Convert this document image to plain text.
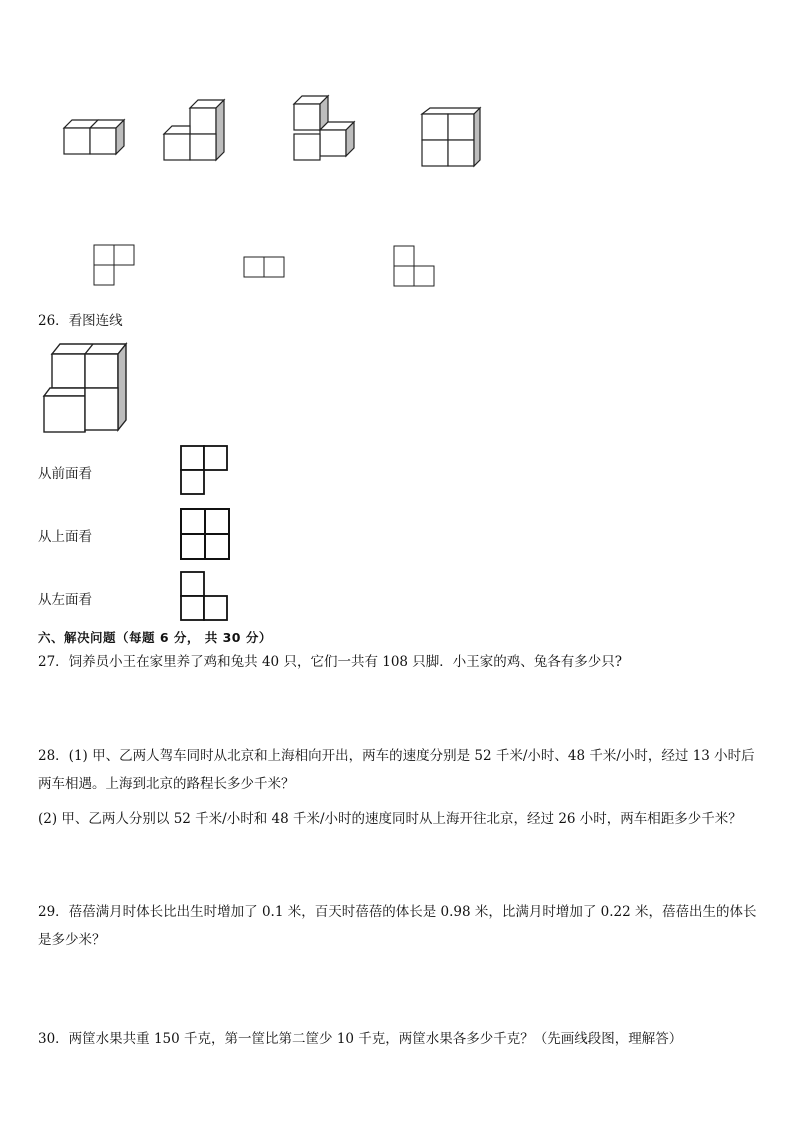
26．看图连线
从前面看
从上面看
从左面看
六、解决问题（每题 6 分， 共 30 分）
27．饲养员小王在家里养了鸡和兔共 40 只，它们一共有 108 只脚．小王家的鸡、兔各有多少只?
28．(1) 甲、乙两人驾车同时从北京和上海相向开出，两车的速度分别是 52 千米/小时、48 千米/小时，经过 13 小时后两车相遇。上海到北京的路程长多少千米？
(2) 甲、乙两人分别以 52 千米/小时和 48 千米/小时的速度同时从上海开往北京，经过 26 小时，两车相距多少千米？
29．蓓蓓满月时体长比出生时增加了 0.1 米，百天时蓓蓓的体长是 0.98 米，比满月时增加了 0.22 米，蓓蓓出生的体长是多少米？
30．两筐水果共重 150 千克，第一筐比第二筐少 10 千克，两筐水果各多少千克？（先画线段图，理解答）
